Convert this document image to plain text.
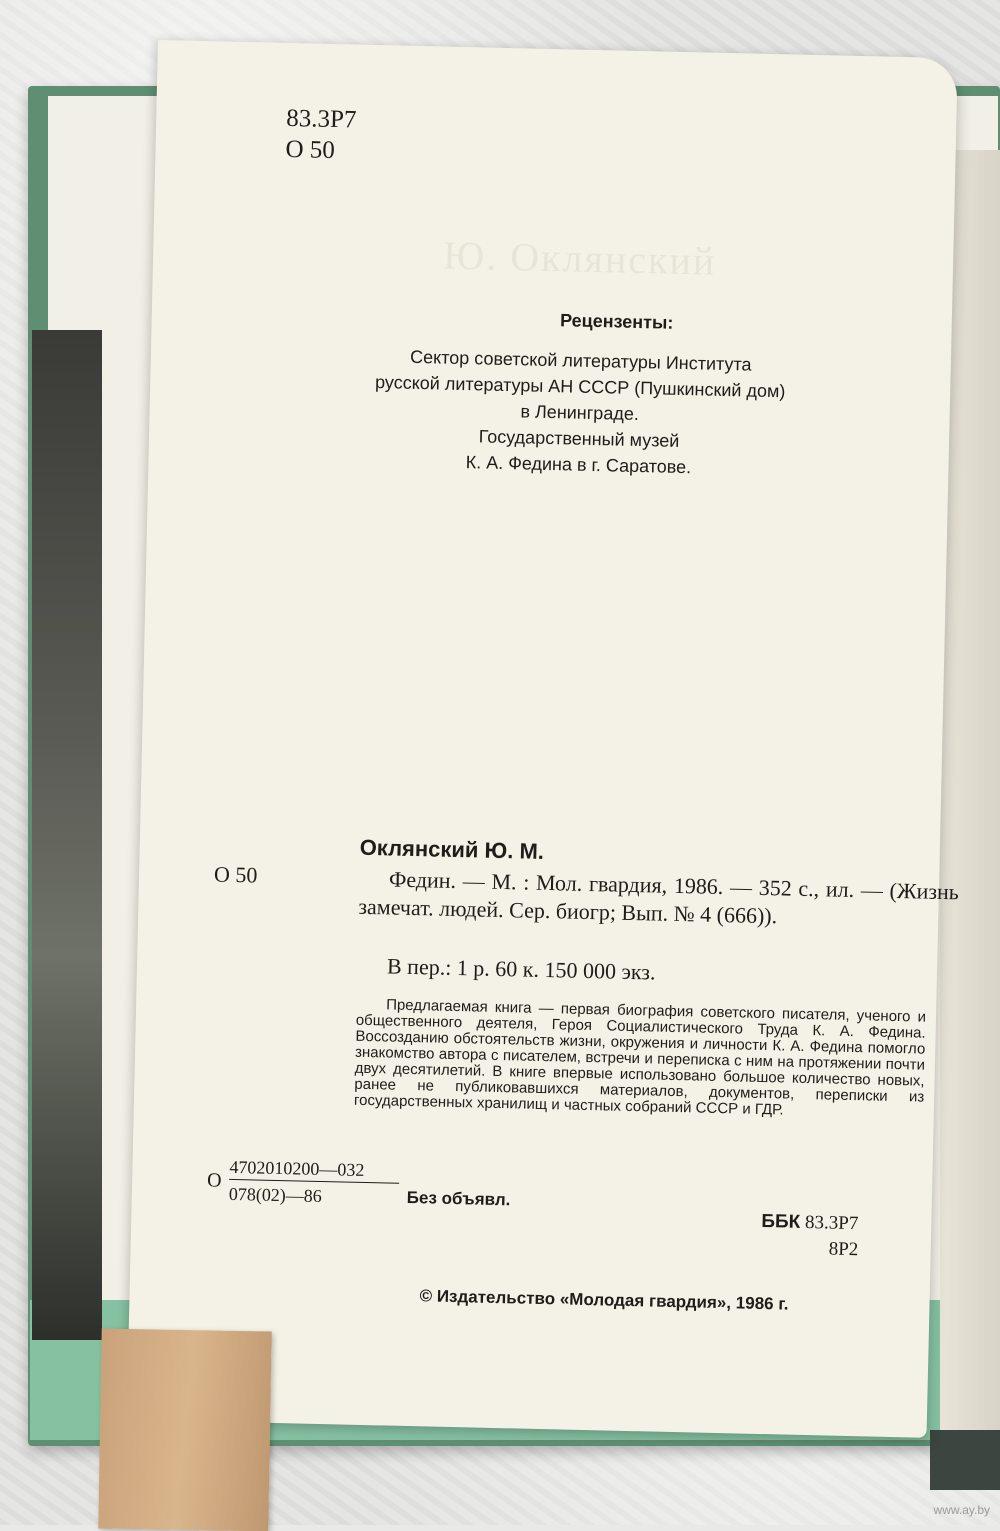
Ю. Оклянский
83.3Р7
О 50
Рецензенты:
Сектор советской литературы Института
русской литературы АН СССР (Пушкинский дом)
в Ленинграде.
Государственный музей
К. А. Федина в г. Саратове.
Оклянский Ю. М.
О 50	Федин. — М. : Мол. гвардия, 1986. — 352 с., ил. — (Жизнь замечат. людей. Сер. биогр; Вып. № 4 (666)).
В пер.: 1 р. 60 к. 150 000 экз.
Предлагаемая книга — первая биография советского писателя, ученого и общественного деятеля, Героя Социалистического Труда К. А. Федина. Воссозданию обстоятельств жизни, окружения и личности К. А. Федина помогло знакомство автора с писателем, встречи и переписка с ним на протяжении почти двух десятилетий. В книге впервые использовано большое количество новых, ранее не публиковавшихся материалов, документов, переписки из государственных хранилищ и частных собраний СССР и ГДР.
О
4702010200—032
078(02)—86	Без объявл.
ББК 83.3Р7
8Р2
© Издательство «Молодая гвардия», 1986 г.
www.ay.by
